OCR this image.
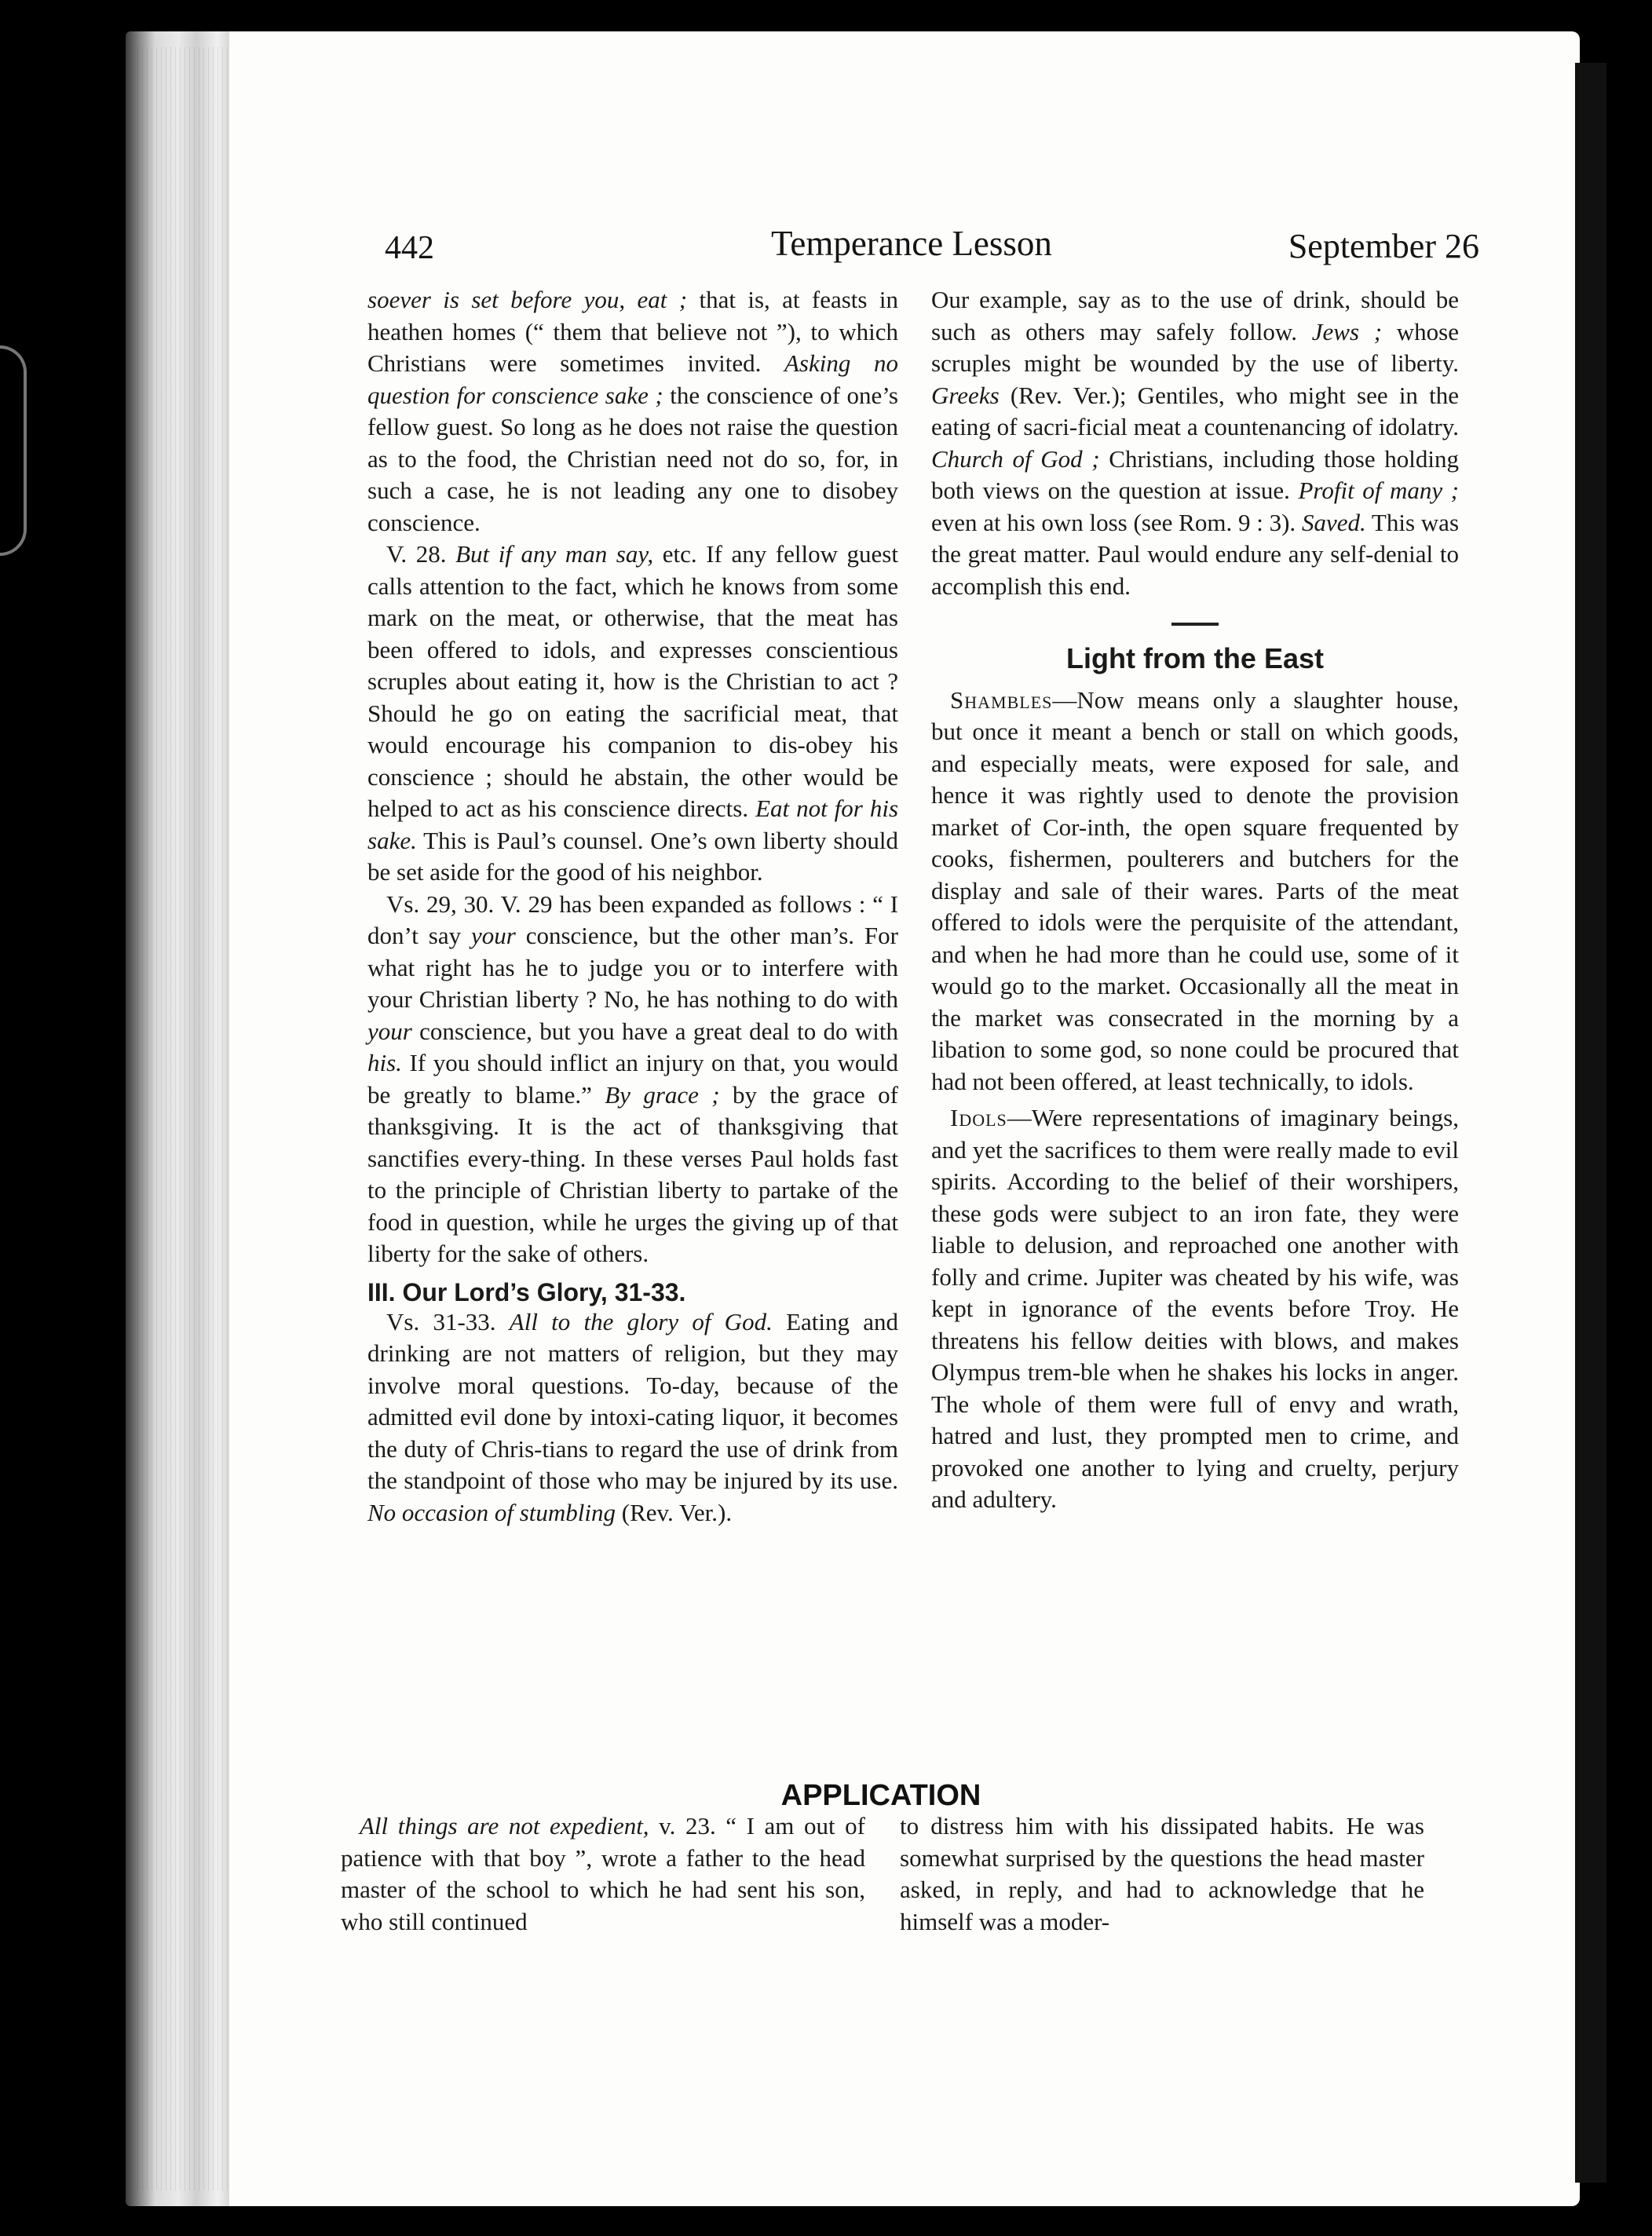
442	Temperance Lesson	September 26

soever is set before you, eat ; that is, at feasts in heathen homes (“ them that believe not ”), to which Christians were sometimes invited. Asking no question for conscience sake ; the conscience of one’s fellow guest. So long as he does not raise the question as to the food, the Christian need not do so, for, in such a case, he is not leading any one to disobey conscience.

V. 28. But if any man say, etc. If any fellow guest calls attention to the fact, which he knows from some mark on the meat, or otherwise, that the meat has been offered to idols, and expresses conscientious scruples about eating it, how is the Christian to act ? Should he go on eating the sacrificial meat, that would encourage his companion to dis-obey his conscience ; should he abstain, the other would be helped to act as his conscience directs. Eat not for his sake. This is Paul’s counsel. One’s own liberty should be set aside for the good of his neighbor.

Vs. 29, 30. V. 29 has been expanded as follows : “ I don’t say your conscience, but the other man’s. For what right has he to judge you or to interfere with your Christian liberty ? No, he has nothing to do with your conscience, but you have a great deal to do with his. If you should inflict an injury on that, you would be greatly to blame.” By grace ; by the grace of thanksgiving. It is the act of thanksgiving that sanctifies every-thing. In these verses Paul holds fast to the principle of Christian liberty to partake of the food in question, while he urges the giving up of that liberty for the sake of others.

III. Our Lord’s Glory, 31-33.

Vs. 31-33. All to the glory of God. Eating and drinking are not matters of religion, but they may involve moral questions. To-day, because of the admitted evil done by intoxi-cating liquor, it becomes the duty of Chris-tians to regard the use of drink from the standpoint of those who may be injured by its use. No occasion of stumbling (Rev. Ver.).

Our example, say as to the use of drink, should be such as others may safely follow. Jews ; whose scruples might be wounded by the use of liberty. Greeks (Rev. Ver.); Gentiles, who might see in the eating of sacri-ficial meat a countenancing of idolatry. Church of God ; Christians, including those holding both views on the question at issue. Profit of many ; even at his own loss (see Rom. 9 : 3). Saved. This was the great matter. Paul would endure any self-denial to accomplish this end.

Light from the East

Shambles—Now means only a slaughter house, but once it meant a bench or stall on which goods, and especially meats, were exposed for sale, and hence it was rightly used to denote the provision market of Cor-inth, the open square frequented by cooks, fishermen, poulterers and butchers for the display and sale of their wares. Parts of the meat offered to idols were the perquisite of the attendant, and when he had more than he could use, some of it would go to the market. Occasionally all the meat in the market was consecrated in the morning by a libation to some god, so none could be procured that had not been offered, at least technically, to idols.

Idols—Were representations of imaginary beings, and yet the sacrifices to them were really made to evil spirits. According to the belief of their worshipers, these gods were subject to an iron fate, they were liable to delusion, and reproached one another with folly and crime. Jupiter was cheated by his wife, was kept in ignorance of the events before Troy. He threatens his fellow deities with blows, and makes Olympus trem-ble when he shakes his locks in anger. The whole of them were full of envy and wrath, hatred and lust, they prompted men to crime, and provoked one another to lying and cruelty, perjury and adultery.

APPLICATION

All things are not expedient, v. 23. “ I am out of patience with that boy ”, wrote a father to the head master of the school to which he had sent his son, who still continued

to distress him with his dissipated habits. He was somewhat surprised by the questions the head master asked, in reply, and had to acknowledge that he himself was a moder-
